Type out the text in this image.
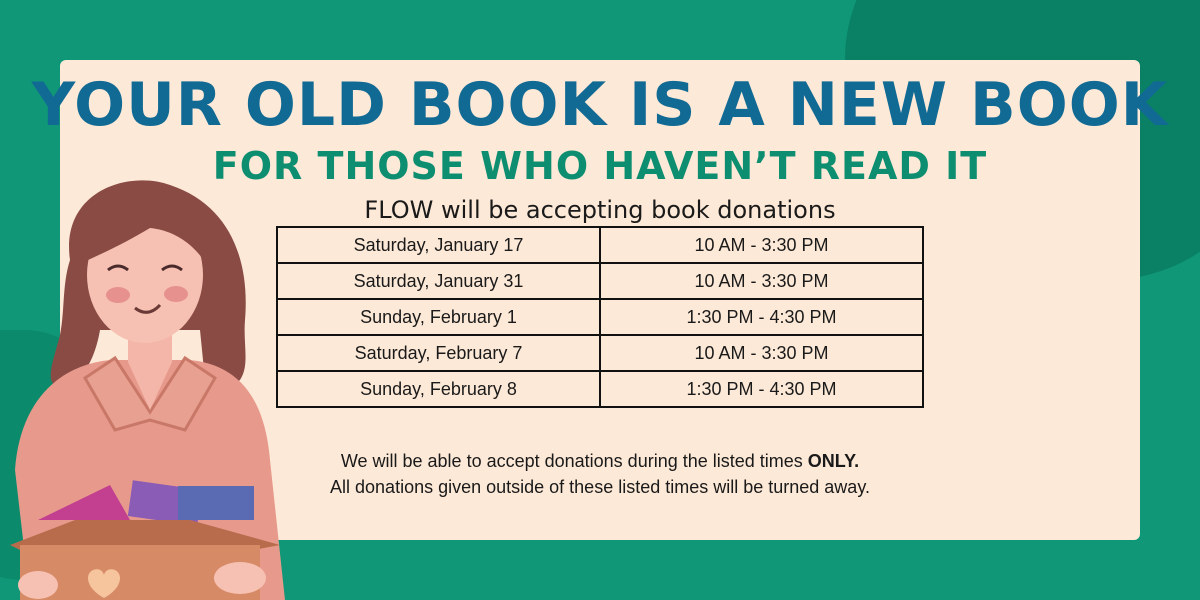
YOUR OLD BOOK IS A NEW BOOK
FOR THOSE WHO HAVEN’T READ IT
FLOW will be accepting book donations
Saturday, January 17	10 AM - 3:30 PM
Saturday, January 31	10 AM - 3:30 PM
Sunday, February 1	1:30 PM - 4:30 PM
Saturday, February 7	10 AM - 3:30 PM
Sunday, February 8	1:30 PM - 4:30 PM
We will be able to accept donations during the listed times ONLY.
All donations given outside of these listed times will be turned away.
